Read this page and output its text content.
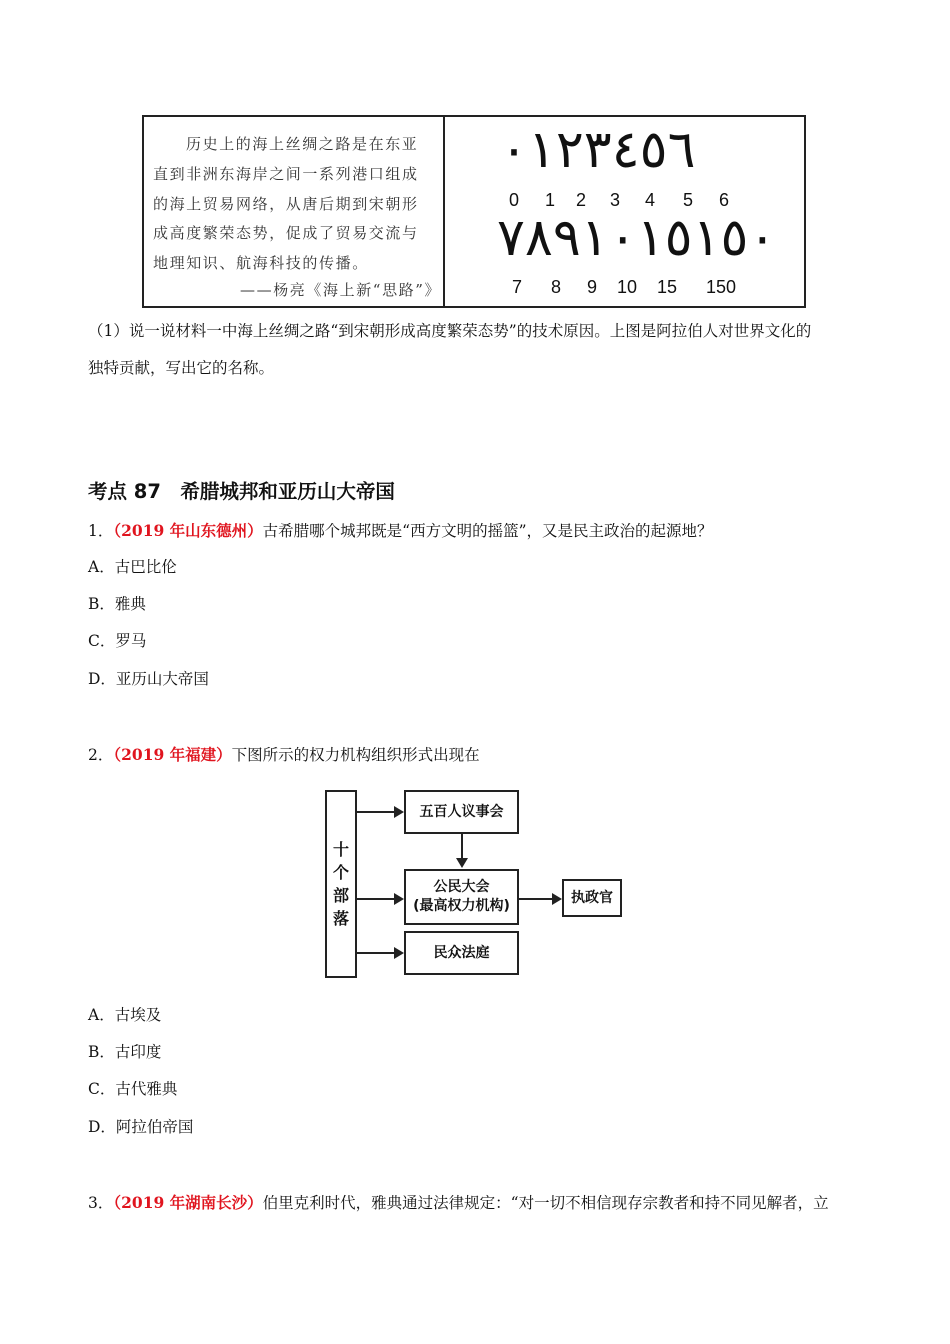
历史上的海上丝绸之路是在东亚
直到非洲东海岸之间一系列港口组成
的海上贸易网络，从唐后期到宋朝形
成高度繁荣态势，促成了贸易交流与
地理知识、航海科技的传播。
——杨亮《海上新“思路”》
٠١٢٣٤٥٦
0 1 2 3 4 5 6
٧٨٩١٠١٥١٥٠
7 8 9 10 15 150
（1）说一说材料一中海上丝绸之路“到宋朝形成高度繁荣态势”的技术原因。上图是阿拉伯人对世界文化的
独特贡献，写出它的名称。
考点 87　希腊城邦和亚历山大帝国
1．（2019 年山东德州）古希腊哪个城邦既是“西方文明的摇篮”，又是民主政治的起源地？
A．古巴比伦
B．雅典
C．罗马
D．亚历山大帝国
2．（2019 年福建）下图所示的权力机构组织形式出现在
十
个
部
落
五百人议事会
公民大会
(最高权力机构)
民众法庭
执政官
A．古埃及
B．古印度
C．古代雅典
D．阿拉伯帝国
3．（2019 年湖南长沙）伯里克利时代，雅典通过法律规定：“对一切不相信现存宗教者和持不同见解者，立
